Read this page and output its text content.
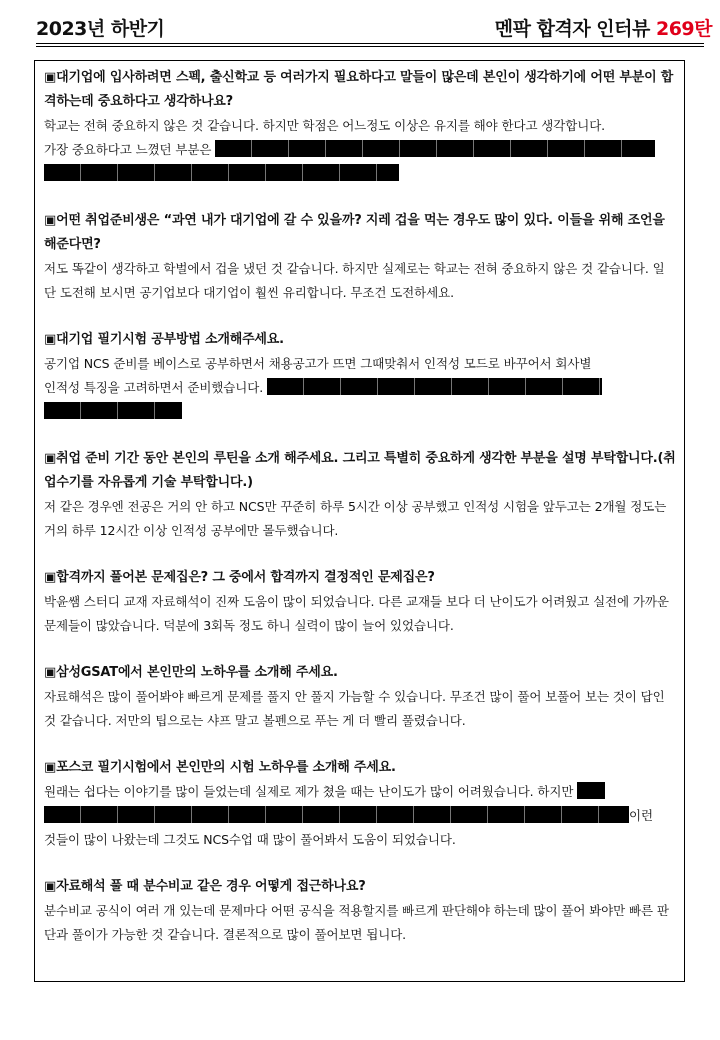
2023년 하반기	멘팍 합격자 인터뷰 269탄
▣대기업에 입사하려면 스펙, 출신학교 등 여러가지 필요하다고 말들이 많은데 본인이 생각하기에 어떤 부분이 합격하는데 중요하다고 생각하나요?
학교는 전혀 중요하지 않은 것 같습니다. 하지만 학점은 어느정도 이상은 유지를 해야 한다고 생각합니다.
가장 중요하다고 느꼈던 부분은

▣어떤 취업준비생은 “과연 내가 대기업에 갈 수 있을까? 지레 겁을 먹는 경우도 많이 있다. 이들을 위해 조언을 해준다면?
저도 똑같이 생각하고 학벌에서 겁을 냈던 것 같습니다. 하지만 실제로는 학교는 전혀 중요하지 않은 것 같습니다. 일단 도전해 보시면 공기업보다 대기업이 훨씬 유리합니다. 무조건 도전하세요.
▣대기업 필기시험 공부방법 소개해주세요.
공기업 NCS 준비를 베이스로 공부하면서 채용공고가 뜨면 그때맞춰서 인적성 모드로 바꾸어서 회사별
인적성 특징을 고려하면서 준비했습니다.

▣취업 준비 기간 동안 본인의 루틴을 소개 해주세요. 그리고 특별히 중요하게 생각한 부분을 설명 부탁합니다.(취업수기를 자유롭게 기술 부탁합니다.)
저 같은 경우엔 전공은 거의 안 하고 NCS만 꾸준히 하루 5시간 이상 공부했고 인적성 시험을 앞두고는 2개월 정도는 거의 하루 12시간 이상 인적성 공부에만 몰두했습니다.
▣합격까지 풀어본 문제집은? 그 중에서 합격까지 결정적인 문제집은?
박윤쌤 스터디 교재 자료해석이 진짜 도움이 많이 되었습니다. 다른 교재들 보다 더 난이도가 어려웠고 실전에 가까운 문제들이 많았습니다. 덕분에 3회독 정도 하니 실력이 많이 늘어 있었습니다.
▣삼성GSAT에서 본인만의 노하우를 소개해 주세요.
자료해석은 많이 풀어봐야 빠르게 문제를 풀지 안 풀지 가늠할 수 있습니다. 무조건 많이 풀어 보풀어 보는 것이 답인 것 같습니다. 저만의 팁으로는 샤프 말고 볼펜으로 푸는 게 더 빨리 풀렸습니다.
▣포스코 필기시험에서 본인만의 시험 노하우를 소개해 주세요.
원래는 쉽다는 이야기를 많이 들었는데 실제로 제가 쳤을 때는 난이도가 많이 어려웠습니다. 하지만
이런
것들이 많이 나왔는데 그것도 NCS수업 때 많이 풀어봐서 도움이 되었습니다.
▣자료해석 풀 때 분수비교 같은 경우 어떻게 접근하나요?
분수비교 공식이 여러 개 있는데 문제마다 어떤 공식을 적용할지를 빠르게 판단해야 하는데 많이 풀어 봐야만 빠른 판단과 풀이가 가능한 것 같습니다. 결론적으로 많이 풀어보면 됩니다.
